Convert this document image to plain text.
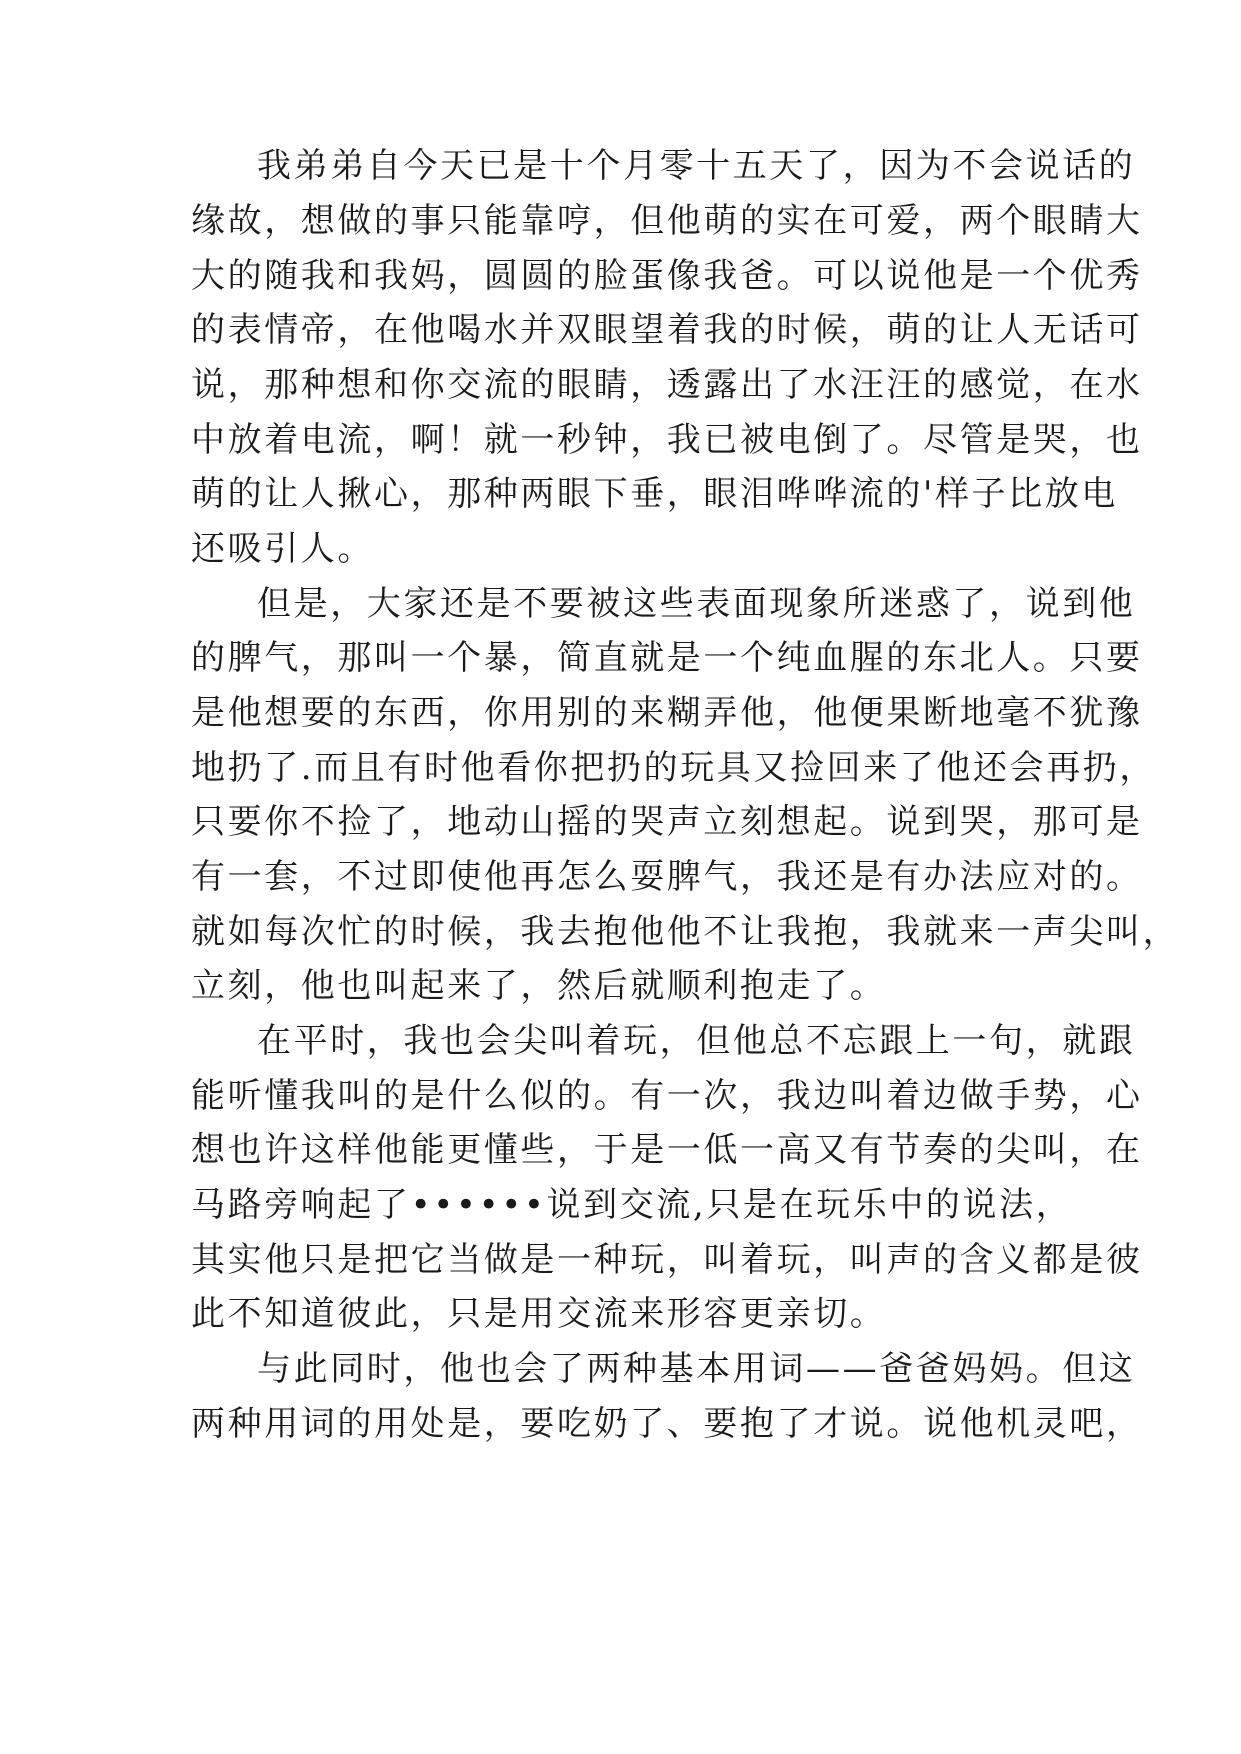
我弟弟自今天已是十个月零十五天了，因为不会说话的
缘故，想做的事只能靠哼，但他萌的实在可爱，两个眼睛大
大的随我和我妈，圆圆的脸蛋像我爸。可以说他是一个优秀
的表情帝，在他喝水并双眼望着我的时候，萌的让人无话可
说，那种想和你交流的眼睛，透露出了水汪汪的感觉，在水
中放着电流，啊！就一秒钟，我已被电倒了。尽管是哭，也
萌的让人揪心，那种两眼下垂，眼泪哗哗流的'样子比放电
还吸引人。
但是，大家还是不要被这些表面现象所迷惑了，说到他
的脾气，那叫一个暴，简直就是一个纯血腥的东北人。只要
是他想要的东西，你用别的来糊弄他，他便果断地毫不犹豫
地扔了.而且有时他看你把扔的玩具又捡回来了他还会再扔，
只要你不捡了，地动山摇的哭声立刻想起。说到哭，那可是
有一套，不过即使他再怎么耍脾气，我还是有办法应对的。
就如每次忙的时候，我去抱他他不让我抱，我就来一声尖叫，
立刻，他也叫起来了，然后就顺利抱走了。
在平时，我也会尖叫着玩，但他总不忘跟上一句，就跟
能听懂我叫的是什么似的。有一次，我边叫着边做手势，心
想也许这样他能更懂些，于是一低一高又有节奏的尖叫，在
马路旁响起了••••••说到交流,只是在玩乐中的说法，
其实他只是把它当做是一种玩，叫着玩，叫声的含义都是彼
此不知道彼此，只是用交流来形容更亲切。
与此同时，他也会了两种基本用词——爸爸妈妈。但这
两种用词的用处是，要吃奶了、要抱了才说。说他机灵吧，
